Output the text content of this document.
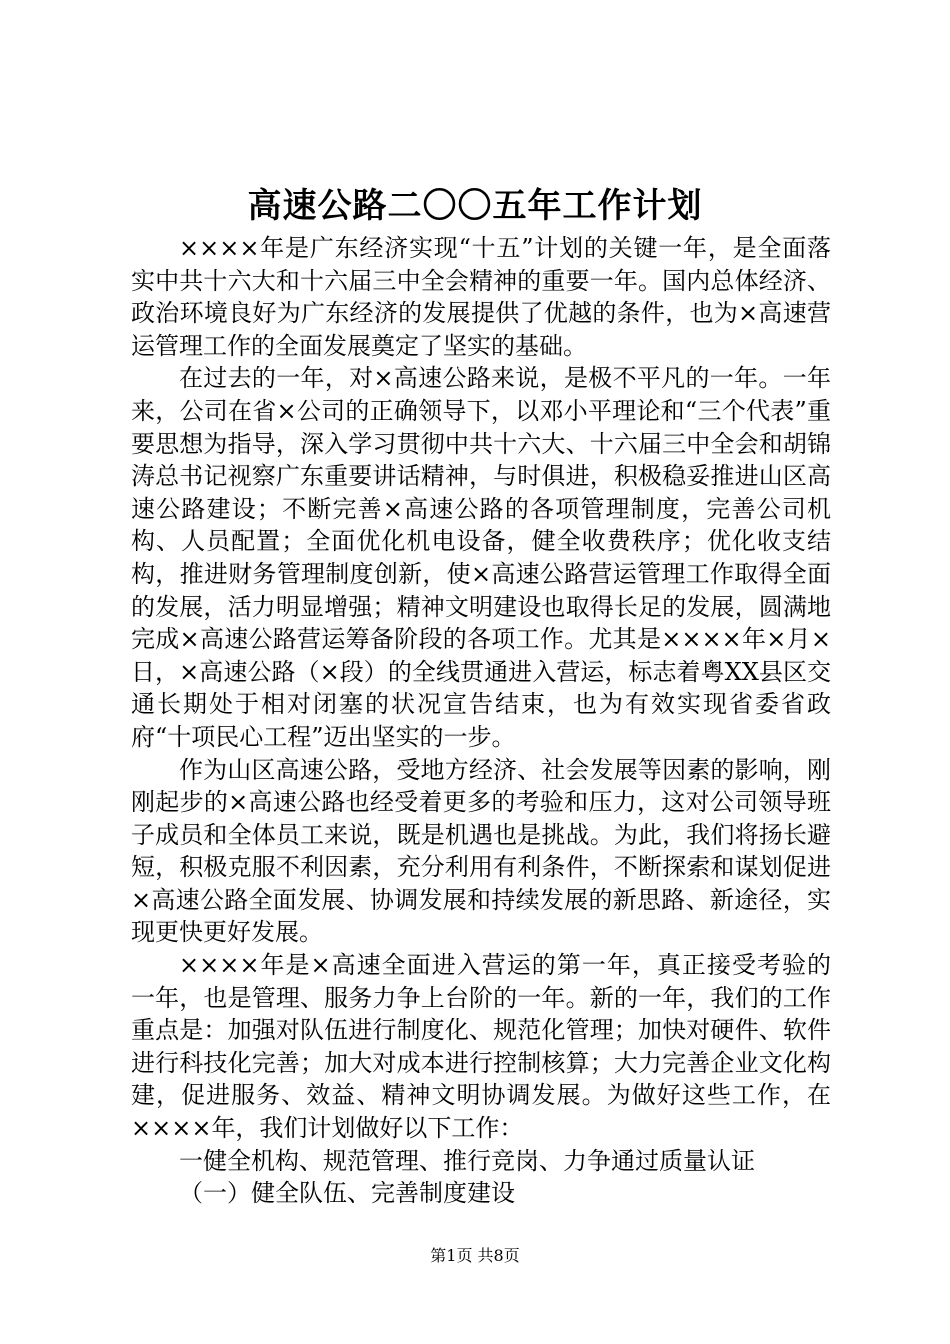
高速公路二〇〇五年工作计划

××××年是广东经济实现“十五”计划的关键一年，是全面落实中共十六大和十六届三中全会精神的重要一年。国内总体经济、政治环境良好为广东经济的发展提供了优越的条件，也为×高速营运管理工作的全面发展奠定了坚实的基础。

在过去的一年，对×高速公路来说，是极不平凡的一年。一年来，公司在省×公司的正确领导下，以邓小平理论和“三个代表”重要思想为指导，深入学习贯彻中共十六大、十六届三中全会和胡锦涛总书记视察广东重要讲话精神，与时俱进，积极稳妥推进山区高速公路建设；不断完善×高速公路的各项管理制度，完善公司机构、人员配置；全面优化机电设备，健全收费秩序；优化收支结构，推进财务管理制度创新，使×高速公路营运管理工作取得全面的发展，活力明显增强；精神文明建设也取得长足的发展，圆满地完成×高速公路营运筹备阶段的各项工作。尤其是××××年×月×日，×高速公路（×段）的全线贯通进入营运，标志着粤XX县区交通长期处于相对闭塞的状况宣告结束，也为有效实现省委省政府“十项民心工程”迈出坚实的一步。

作为山区高速公路，受地方经济、社会发展等因素的影响，刚刚起步的×高速公路也经受着更多的考验和压力，这对公司领导班子成员和全体员工来说，既是机遇也是挑战。为此，我们将扬长避短，积极克服不利因素，充分利用有利条件，不断探索和谋划促进×高速公路全面发展、协调发展和持续发展的新思路、新途径，实现更快更好发展。

××××年是×高速全面进入营运的第一年，真正接受考验的一年，也是管理、服务力争上台阶的一年。新的一年，我们的工作重点是：加强对队伍进行制度化、规范化管理；加快对硬件、软件进行科技化完善；加大对成本进行控制核算；大力完善企业文化构建，促进服务、效益、精神文明协调发展。为做好这些工作，在××××年，我们计划做好以下工作：

一健全机构、规范管理、推行竞岗、力争通过质量认证

（一）健全队伍、完善制度建设

第1页 共8页
